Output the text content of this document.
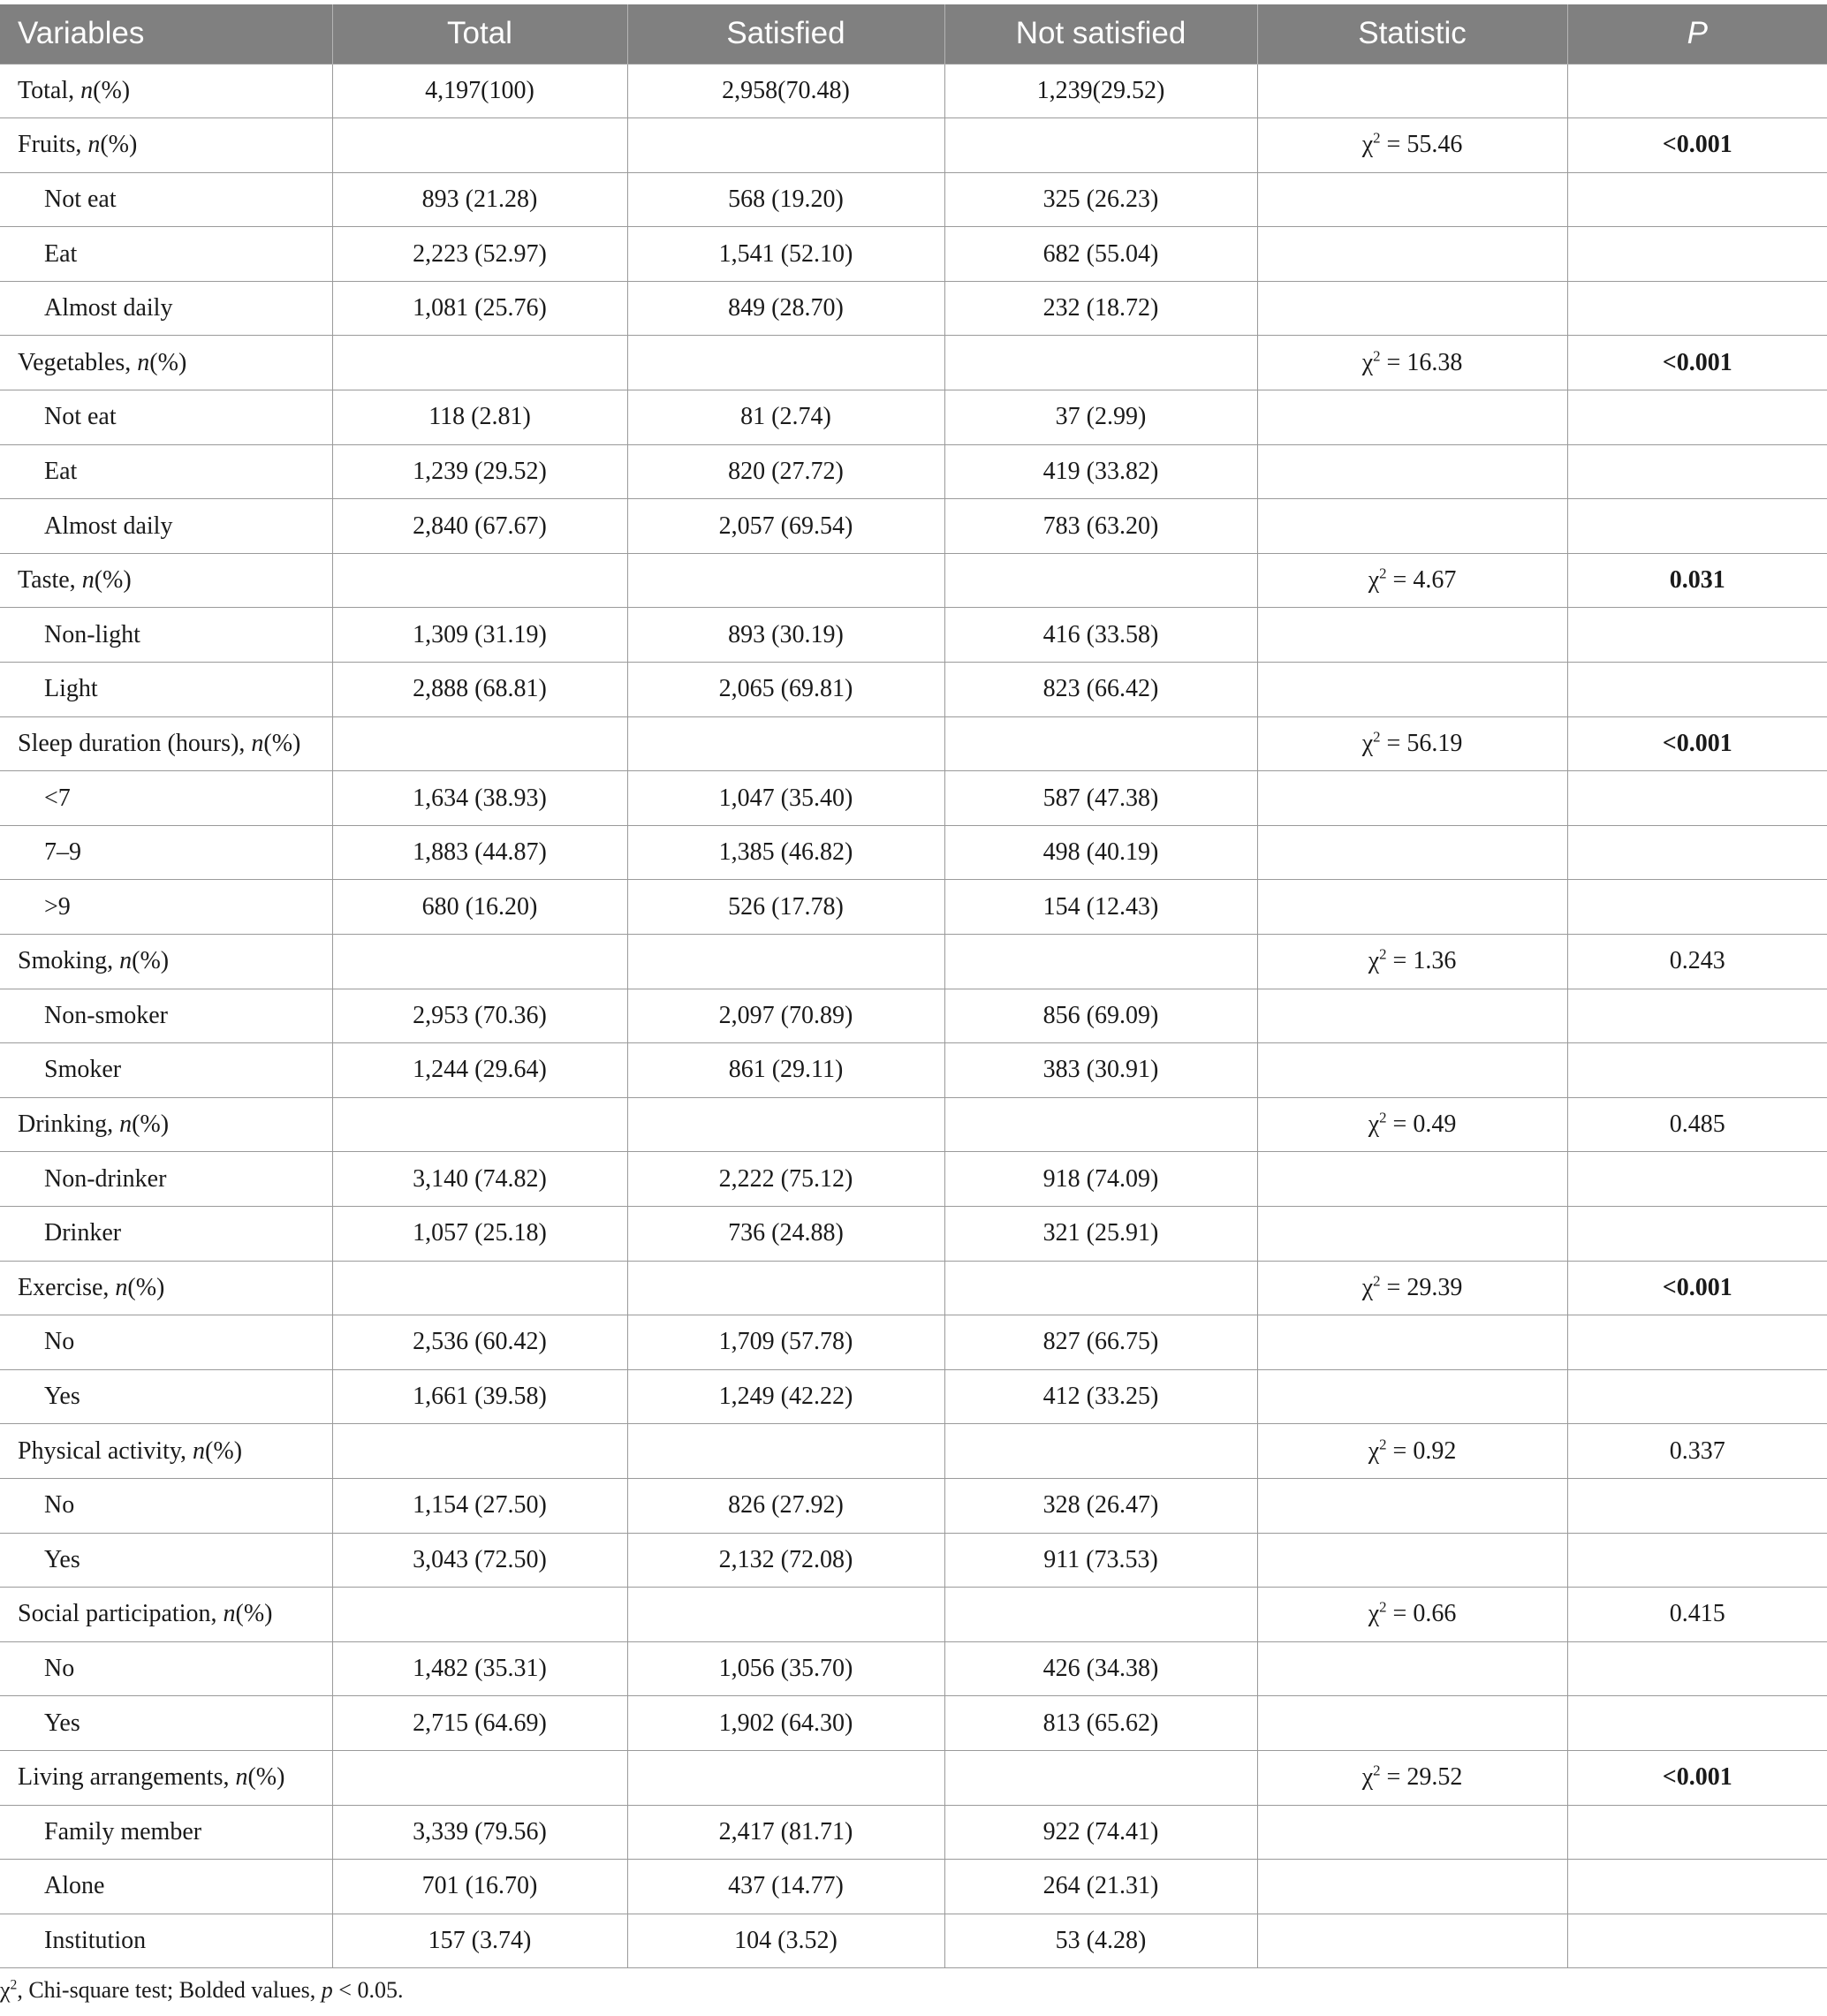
Variables	Total	Satisfied	Not satisfied	Statistic	P
Total, n(%)	4,197(100)	2,958(70.48)	1,239(29.52)		
Fruits, n(%)				$\chi^2 = 55.46$	<0.001
Not eat	893 (21.28)	568 (19.20)	325 (26.23)		
Eat	2,223 (52.97)	1,541 (52.10)	682 (55.04)		
Almost daily	1,081 (25.76)	849 (28.70)	232 (18.72)		
Vegetables, n(%)				$\chi^2 = 16.38$	<0.001
Not eat	118 (2.81)	81 (2.74)	37 (2.99)		
Eat	1,239 (29.52)	820 (27.72)	419 (33.82)		
Almost daily	2,840 (67.67)	2,057 (69.54)	783 (63.20)		
Taste, n(%)				$\chi^2 = 4.67$	0.031
Non-light	1,309 (31.19)	893 (30.19)	416 (33.58)		
Light	2,888 (68.81)	2,065 (69.81)	823 (66.42)		
Sleep duration (hours), n(%)				$\chi^2 = 56.19$	<0.001
<7	1,634 (38.93)	1,047 (35.40)	587 (47.38)		
7–9	1,883 (44.87)	1,385 (46.82)	498 (40.19)		
>9	680 (16.20)	526 (17.78)	154 (12.43)		
Smoking, n(%)				$\chi^2 = 1.36$	0.243
Non-smoker	2,953 (70.36)	2,097 (70.89)	856 (69.09)		
Smoker	1,244 (29.64)	861 (29.11)	383 (30.91)		
Drinking, n(%)				$\chi^2 = 0.49$	0.485
Non-drinker	3,140 (74.82)	2,222 (75.12)	918 (74.09)		
Drinker	1,057 (25.18)	736 (24.88)	321 (25.91)		
Exercise, n(%)				$\chi^2 = 29.39$	<0.001
No	2,536 (60.42)	1,709 (57.78)	827 (66.75)		
Yes	1,661 (39.58)	1,249 (42.22)	412 (33.25)		
Physical activity, n(%)				$\chi^2 = 0.92$	0.337
No	1,154 (27.50)	826 (27.92)	328 (26.47)		
Yes	3,043 (72.50)	2,132 (72.08)	911 (73.53)		
Social participation, n(%)				$\chi^2 = 0.66$	0.415
No	1,482 (35.31)	1,056 (35.70)	426 (34.38)		
Yes	2,715 (64.69)	1,902 (64.30)	813 (65.62)		
Living arrangements, n(%)				$\chi^2 = 29.52$	<0.001
Family member	3,339 (79.56)	2,417 (81.71)	922 (74.41)		
Alone	701 (16.70)	437 (14.77)	264 (21.31)		
Institution	157 (3.74)	104 (3.52)	53 (4.28)		
$\chi^2$, Chi-square test; Bolded values, p < 0.05.
